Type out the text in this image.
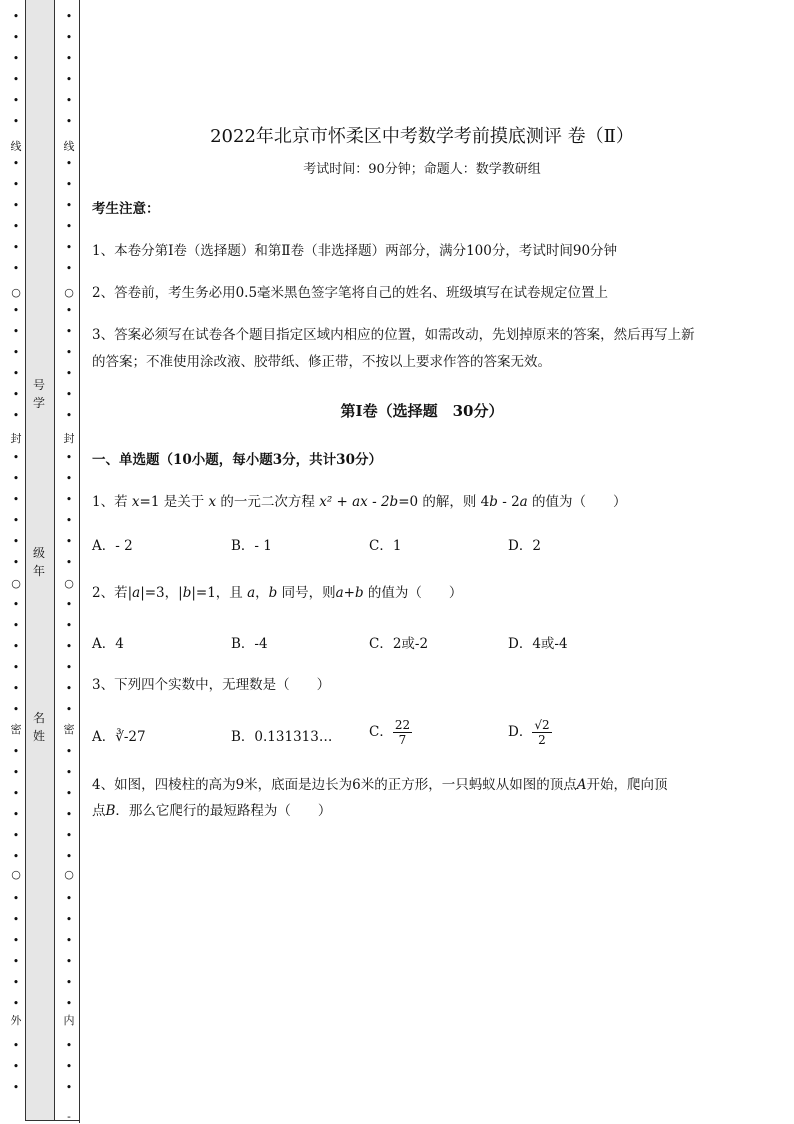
•
•
•
•
•
•
•
•
•
•
•
•
•
•
•
•
•
•
•
•
•
•
•
•
•
•
•
•
•
•
•
•
•
•
•
•
•
•
•
•
•
•
•
•
•
线
○
封
○
密
○
外
•
•
•
•
•
•
•
•
•
•
•
•
•
•
•
•
•
•
•
•
•
•
•
•
•
•
•
•
•
•
•
•
•
•
•
•
•
•
•
•
•
•
•
•
•
线
○
封
○
密
○
内
-
号学
级年
名姓
2022年北京市怀柔区中考数学考前摸底测评 卷（Ⅱ）
考试时间：90分钟；命题人：数学教研组
考生注意：
1、本卷分第Ⅰ卷（选择题）和第Ⅱ卷（非选择题）两部分，满分100分，考试时间90分钟
2、答卷前，考生务必用0.5毫米黑色签字笔将自己的姓名、班级填写在试卷规定位置上
3、答案必须写在试卷各个题目指定区域内相应的位置，如需改动，先划掉原来的答案，然后再写上新
的答案；不准使用涂改液、胶带纸、修正带，不按以上要求作答的答案无效。
第Ⅰ卷（选择题　30分）
一、单选题（10小题，每小题3分，共计30分）
1、若 x=1 是关于 x 的一元二次方程 x² + ax - 2b=0 的解，则 4b - 2a 的值为（　　）
A．- 2	B．- 1	C．1	D．2
2、若|a|=3，|b|=1，且 a，b 同号，则a+b 的值为（　　）
A．4	B．-4	C．2或-2	D．4或-4
3、下列四个实数中，无理数是（　　）
A．∛-27	B．0.131313…	C． $\frac{22}{7}$	D． $\frac{√2}{2}$
4、如图，四棱柱的高为9米，底面是边长为6米的正方形，一只蚂蚁从如图的顶点A开始，爬向顶
点B．那么它爬行的最短路程为（　　）
